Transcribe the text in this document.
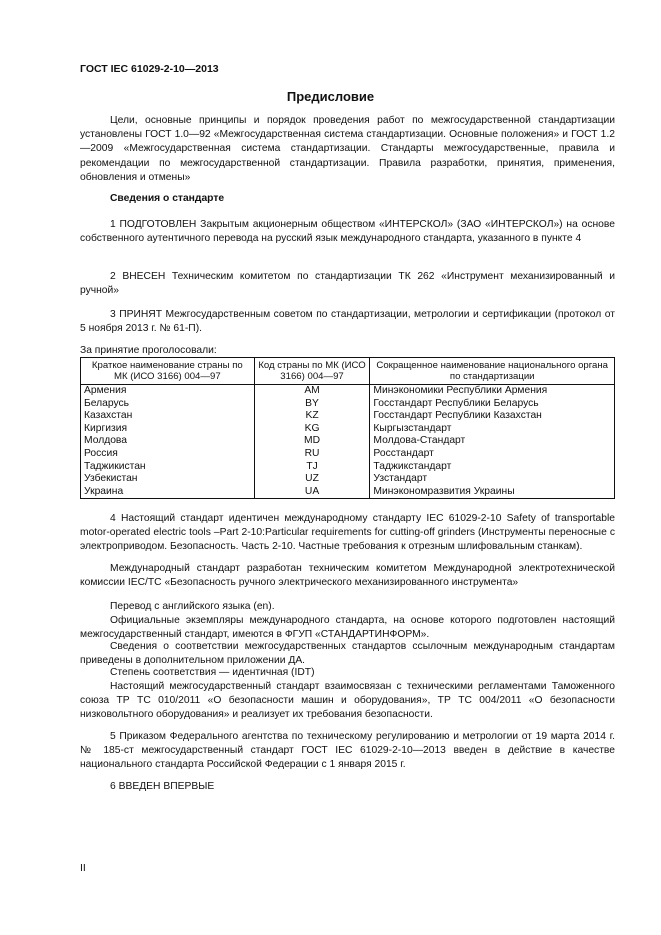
ГОСТ IEC 61029-2-10—2013
Предисловие
Цели, основные принципы и порядок проведения работ по межгосударственной стандартизации установлены ГОСТ 1.0—92 «Межгосударственная система стандартизации. Основные положения» и ГОСТ 1.2—2009 «Межгосударственная система стандартизации. Стандарты межгосударственные, правила и рекомендации по межгосударственной стандартизации. Правила разработки, принятия, применения, обновления и отмены»
Сведения о стандарте
1 ПОДГОТОВЛЕН Закрытым акционерным обществом «ИНТЕРСКОЛ» (ЗАО «ИНТЕРСКОЛ») на основе собственного аутентичного перевода на русский язык международного стандарта, указанного в пункте 4
2 ВНЕСЕН Техническим комитетом по стандартизации ТК 262 «Инструмент механизированный и ручной»
3 ПРИНЯТ Межгосударственным советом по стандартизации, метрологии и сертификации (протокол от 5 ноября 2013 г. № 61-П).
За принятие проголосовали:
Краткое наименование страны по МК (ИСО 3166) 004—97	Код страны по МК (ИСО 3166) 004—97	Сокращенное наименование национального органа по стандартизации
Армения	AM	Минэкономики Республики Армения
Беларусь	BY	Госстандарт Республики Беларусь
Казахстан	KZ	Госстандарт Республики Казахстан
Киргизия	KG	Кыргызстандарт
Молдова	MD	Молдова-Стандарт
Россия	RU	Росстандарт
Таджикистан	TJ	Таджикстандарт
Узбекистан	UZ	Узстандарт
Украина	UA	Минэкономразвития Украины
4 Настоящий стандарт идентичен международному стандарту IEC 61029-2-10 Safety of transportable motor-operated electric tools –Part 2-10:Particular requirements for cutting-off grinders (Инструменты переносные с электроприводом. Безопасность. Часть 2-10. Частные требования к отрезным шлифовальным станкам).
Международный стандарт разработан техническим комитетом Международной электротехнической комиссии IEC/TC «Безопасность ручного электрического механизированного инструмента»
Перевод с английского языка (en).
Официальные экземпляры международного стандарта, на основе которого подготовлен настоящий межгосударственный стандарт, имеются в ФГУП «СТАНДАРТИНФОРМ».
Сведения о соответствии межгосударственных стандартов ссылочным международным стандартам приведены в дополнительном приложении ДА.
Степень соответствия — идентичная (IDT)
Настоящий межгосударственный стандарт взаимосвязан с техническими регламентами Таможенного союза ТР ТС 010/2011 «О безопасности машин и оборудования», ТР ТС 004/2011 «О безопасности низковольтного оборудования» и реализует их требования безопасности.
5 Приказом Федерального агентства по техническому регулированию и метрологии от 19 марта 2014 г. № 185-ст межгосударственный стандарт ГОСТ IEC 61029-2-10—2013 введен в действие в качестве национального стандарта Российской Федерации с 1 января 2015 г.
6 ВВЕДЕН ВПЕРВЫЕ
II
